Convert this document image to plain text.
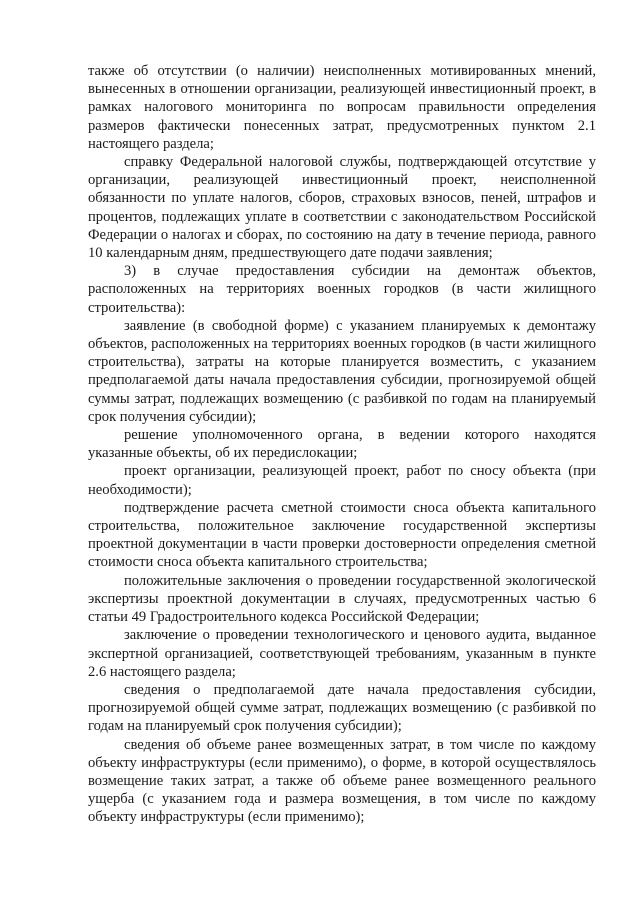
также об отсутствии (о наличии) неисполненных мотивированных мнений, вынесенных в отношении организации, реализующей инвестиционный проект, в рамках налогового мониторинга по вопросам правильности определения размеров фактически понесенных затрат, предусмотренных пунктом 2.1 настоящего раздела;

справку Федеральной налоговой службы, подтверждающей отсутствие у организации, реализующей инвестиционный проект, неисполненной обязанности по уплате налогов, сборов, страховых взносов, пеней, штрафов и процентов, подлежащих уплате в соответствии с законодательством Российской Федерации о налогах и сборах, по состоянию на дату в течение периода, равного 10 календарным дням, предшествующего дате подачи заявления;

3) в случае предоставления субсидии на демонтаж объектов, расположенных на территориях военных городков (в части жилищного строительства):

заявление (в свободной форме) с указанием планируемых к демонтажу объектов, расположенных на территориях военных городков (в части жилищного строительства), затраты на которые планируется возместить, с указанием предполагаемой даты начала предоставления субсидии, прогнозируемой общей суммы затрат, подлежащих возмещению (с разбивкой по годам на планируемый срок получения субсидии);

решение уполномоченного органа, в ведении которого находятся указанные объекты, об их передислокации;

проект организации, реализующей проект, работ по сносу объекта (при необходимости);

подтверждение расчета сметной стоимости сноса объекта капитального строительства, положительное заключение государственной экспертизы проектной документации в части проверки достоверности определения сметной стоимости сноса объекта капитального строительства;

положительные заключения о проведении государственной экологической экспертизы проектной документации в случаях, предусмотренных частью 6 статьи 49 Градостроительного кодекса Российской Федерации;

заключение о проведении технологического и ценового аудита, выданное экспертной организацией, соответствующей требованиям, указанным в пункте 2.6 настоящего раздела;

сведения о предполагаемой дате начала предоставления субсидии, прогнозируемой общей сумме затрат, подлежащих возмещению (с разбивкой по годам на планируемый срок получения субсидии);

сведения об объеме ранее возмещенных затрат, в том числе по каждому объекту инфраструктуры (если применимо), о форме, в которой осуществлялось возмещение таких затрат, а также об объеме ранее возмещенного реального ущерба (с указанием года и размера возмещения, в том числе по каждому объекту инфраструктуры (если применимо);
